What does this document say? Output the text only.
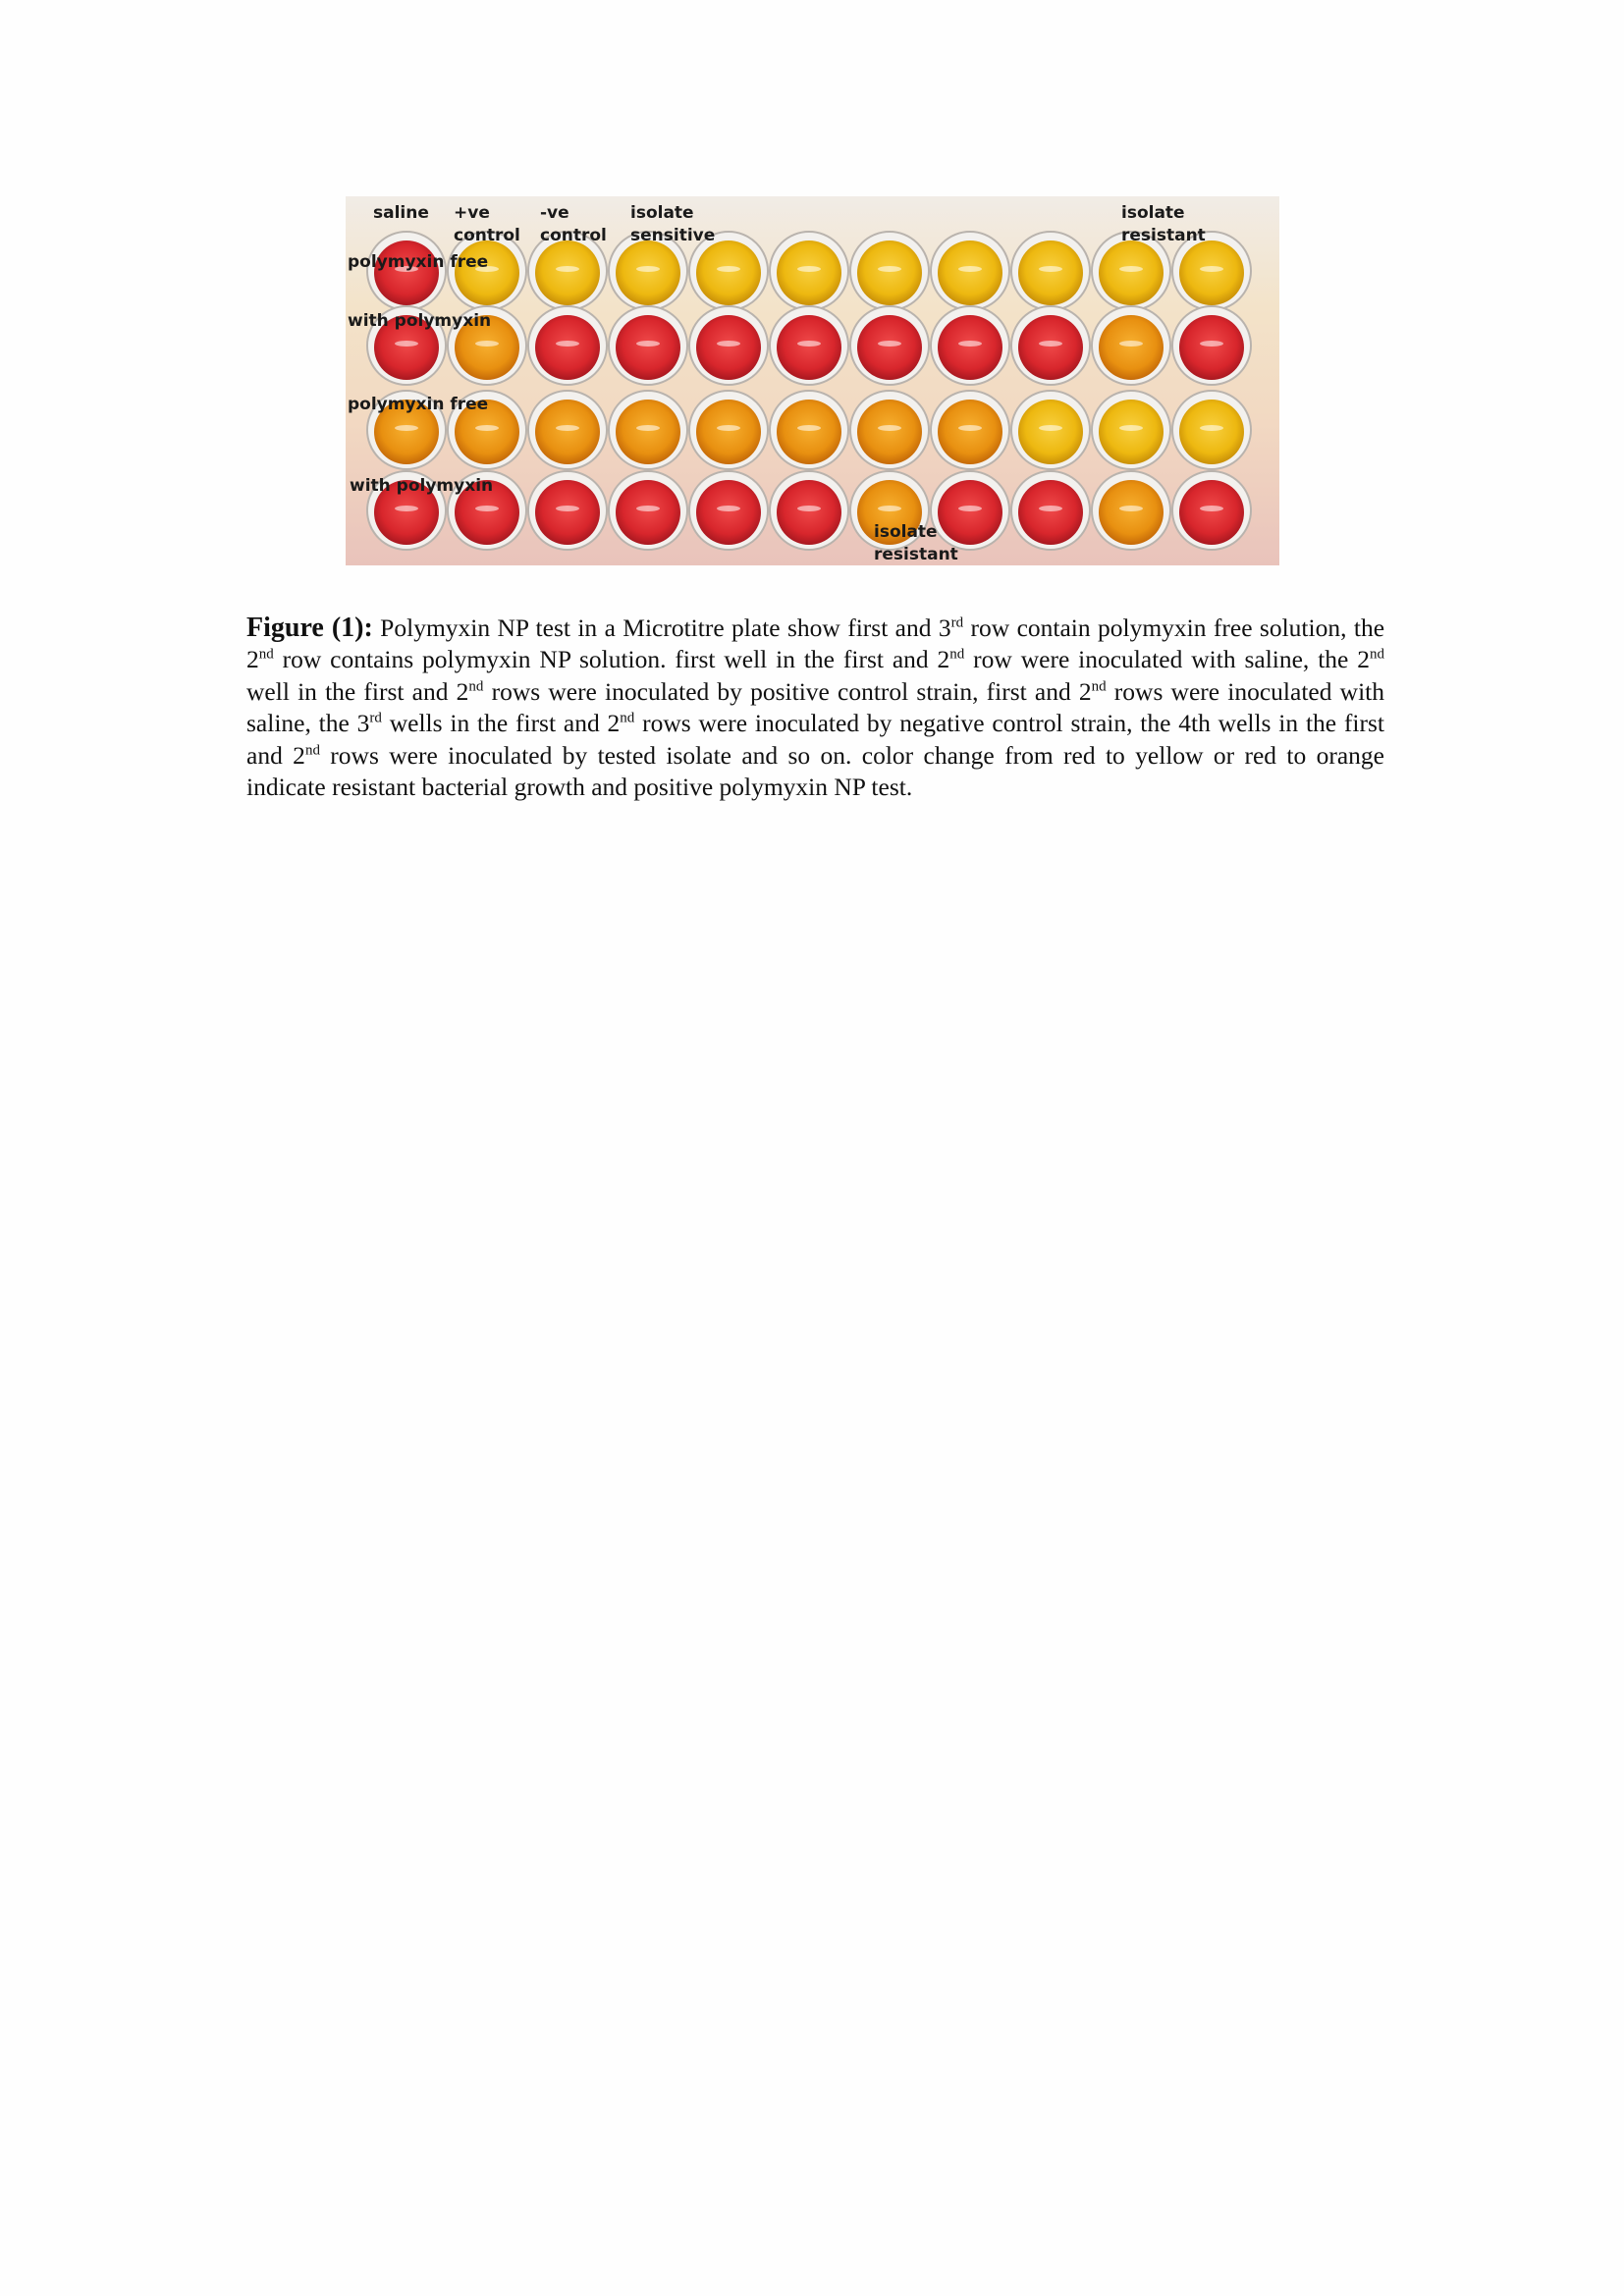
polymyxin free
with polymyxin
polymyxin free
with polymyxin
saline +ve
control
-ve
control
isolate
sensitive
isolate
resistant
isolate
resistant

Figure (1): Polymyxin NP test in a Microtitre plate show first and 3rd row contain polymyxin free solution, the 2nd row contains polymyxin NP solution. first well in the first and 2nd row were inoculated with saline, the 2nd well in the first and 2nd rows were inoculated by positive control strain, first and 2nd rows were inoculated with saline, the 3rd wells in the first and 2nd rows were inoculated by negative control strain, the 4th wells in the first and 2nd rows were inoculated by tested isolate and so on. color change from red to yellow or red to orange indicate resistant bacterial growth and positive polymyxin NP test.
